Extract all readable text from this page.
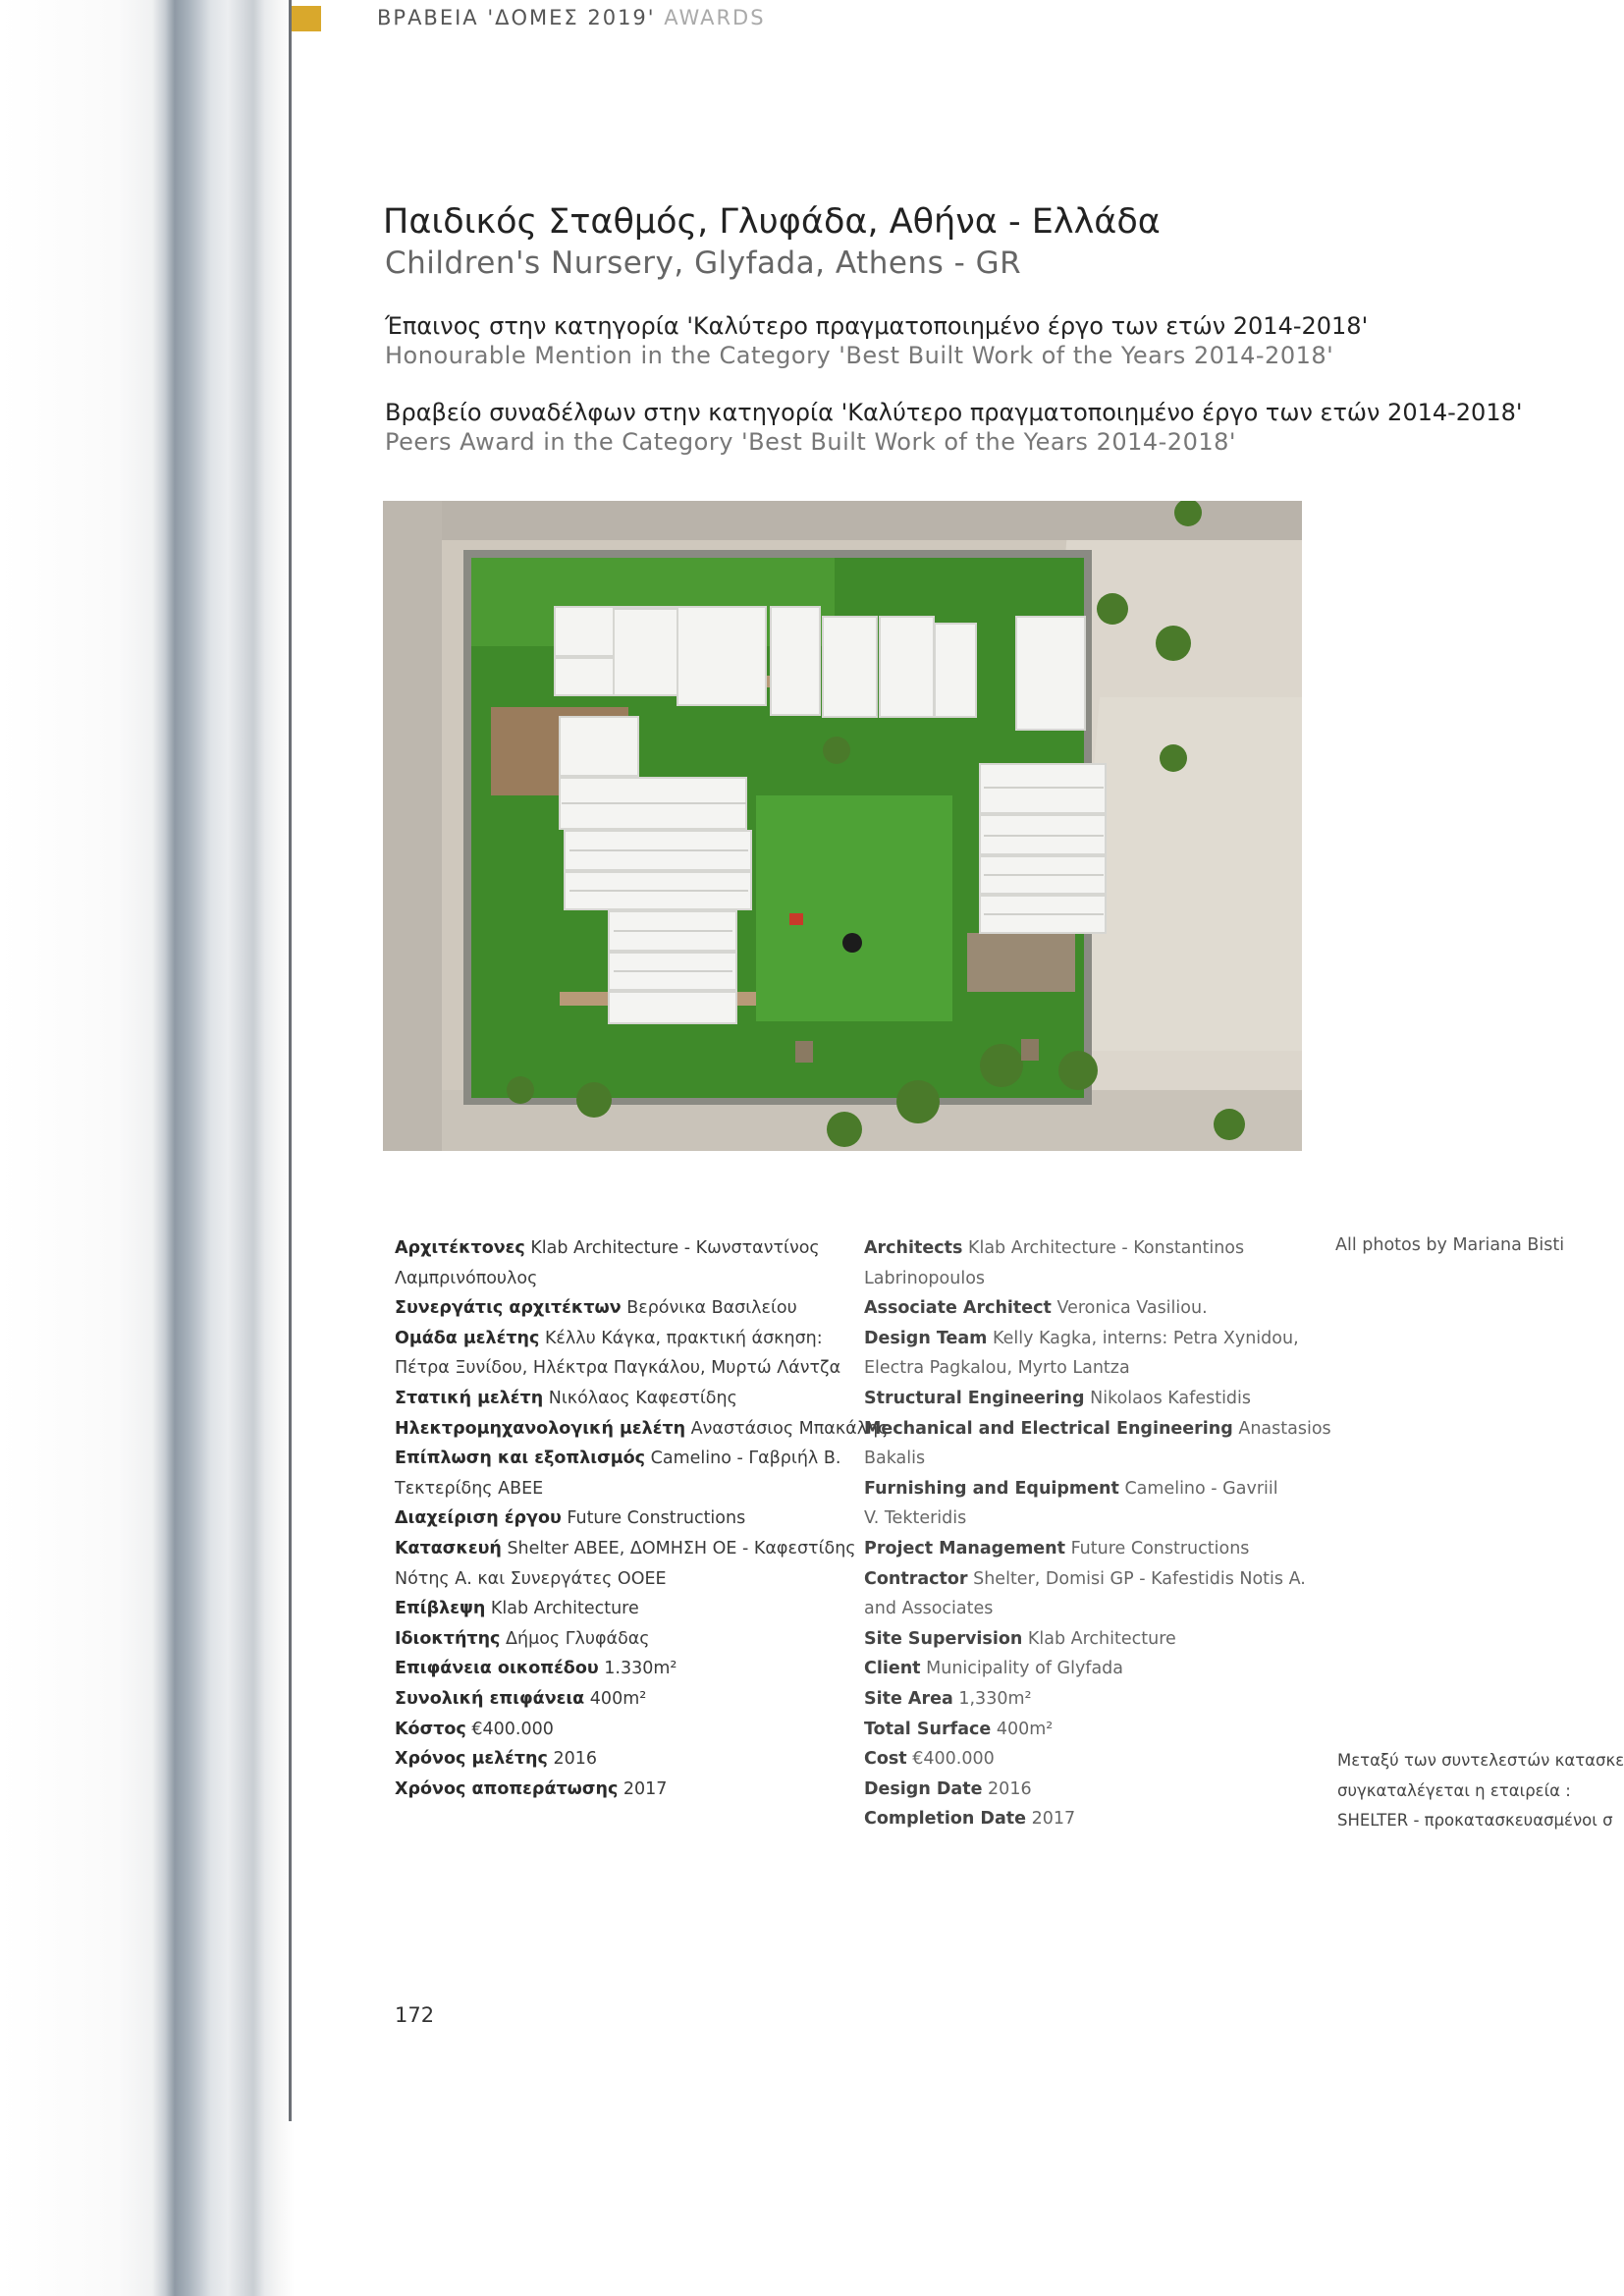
ΒΡΑΒΕΙΑ 'ΔΟΜΕΣ 2019' AWARDS
Παιδικός Σταθμός, Γλυφάδα, Αθήνα - Ελλάδα
Children's Nursery, Glyfada, Athens - GR
Έπαινος στην κατηγορία 'Καλύτερο πραγματοποιημένο έργο των ετών 2014-2018'
Honourable Mention in the Category 'Best Built Work of the Years 2014-2018'
Βραβείο συναδέλφων στην κατηγορία 'Καλύτερο πραγματοποιημένο έργο των ετών 2014-2018'
Peers Award in the Category 'Best Built Work of the Years 2014-2018'
Αρχιτέκτονες Klab Architecture - Κωνσταντίνος
Λαμπρινόπουλος
Συνεργάτις αρχιτέκτων Βερόνικα Βασιλείου
Ομάδα μελέτης Κέλλυ Κάγκα, πρακτική άσκηση:
Πέτρα Ξυνίδου, Ηλέκτρα Παγκάλου, Μυρτώ Λάντζα
Στατική μελέτη Νικόλαος Καφεστίδης
Ηλεκτρομηχανολογική μελέτη Αναστάσιος Μπακάλης
Επίπλωση και εξοπλισμός Camelino - Γαβριήλ Β.
Τεκτερίδης ΑΒΕΕ
Διαχείριση έργου Future Constructions
Κατασκευή Shelter ΑΒΕΕ, ΔΟΜΗΣΗ ΟΕ - Καφεστίδης
Νότης Α. και Συνεργάτες ΟΟΕΕ
Επίβλεψη Klab Architecture
Ιδιοκτήτης Δήμος Γλυφάδας
Επιφάνεια οικοπέδου 1.330m²
Συνολική επιφάνεια 400m²
Κόστος €400.000
Χρόνος μελέτης 2016
Χρόνος αποπεράτωσης 2017
Architects Klab Architecture - Konstantinos
Labrinopoulos
Associate Architect Veronica Vasiliou.
Design Team Kelly Kagka, interns: Petra Xynidou,
Electra Pagkalou, Myrto Lantza
Structural Engineering Nikolaos Kafestidis
Mechanical and Electrical Engineering Anastasios
Bakalis
Furnishing and Equipment Camelino - Gavriil
V. Tekteridis
Project Management Future Constructions
Contractor Shelter, Domisi GP - Kafestidis Notis A.
and Associates
Site Supervision Klab Architecture
Client Municipality of Glyfada
Site Area 1,330m²
Total Surface 400m²
Cost €400.000
Design Date 2016
Completion Date 2017
All photos by Mariana Bisti
Μεταξύ των συντελεστών κατασκε
συγκαταλέγεται η εταιρεία :
SHELTER - προκατασκευασμένοι σ
172
